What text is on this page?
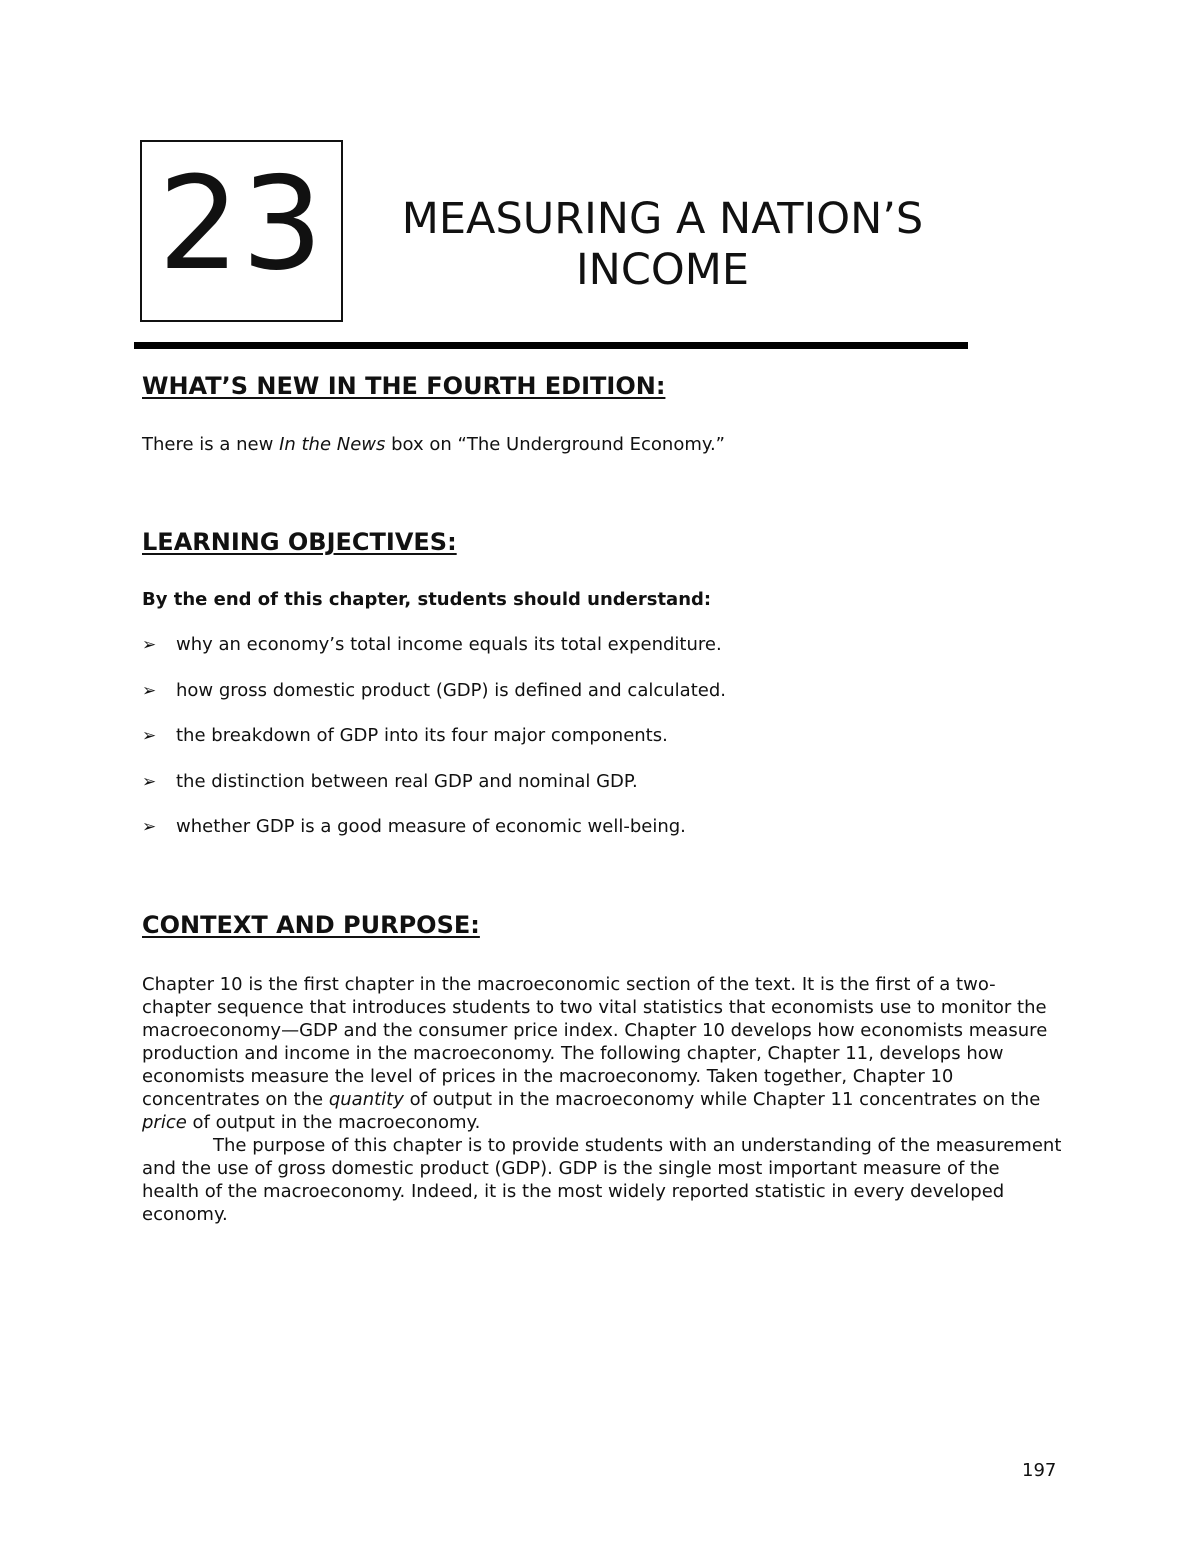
23	MEASURING A NATION’S
INCOME
WHAT’S NEW IN THE FOURTH EDITION:

There is a new In the News box on “The Underground Economy.”

LEARNING OBJECTIVES:

By the end of this chapter, students should understand:

➢	why an economy’s total income equals its total expenditure.
➢	how gross domestic product (GDP) is defined and calculated.
➢	the breakdown of GDP into its four major components.
➢	the distinction between real GDP and nominal GDP.
➢	whether GDP is a good measure of economic well-being.
CONTEXT AND PURPOSE:

Chapter 10 is the first chapter in the macroeconomic section of the text. It is the first of a two-chapter sequence that introduces students to two vital statistics that economists use to monitor the macroeconomy—GDP and the consumer price index. Chapter 10 develops how economists measure production and income in the macroeconomy. The following chapter, Chapter 11, develops how economists measure the level of prices in the macroeconomy. Taken together, Chapter 10 concentrates on the quantity of output in the macroeconomy while Chapter 11 concentrates on the price of output in the macroeconomy.

The purpose of this chapter is to provide students with an understanding of the measurement and the use of gross domestic product (GDP). GDP is the single most important measure of the health of the macroeconomy. Indeed, it is the most widely reported statistic in every developed economy.

197
